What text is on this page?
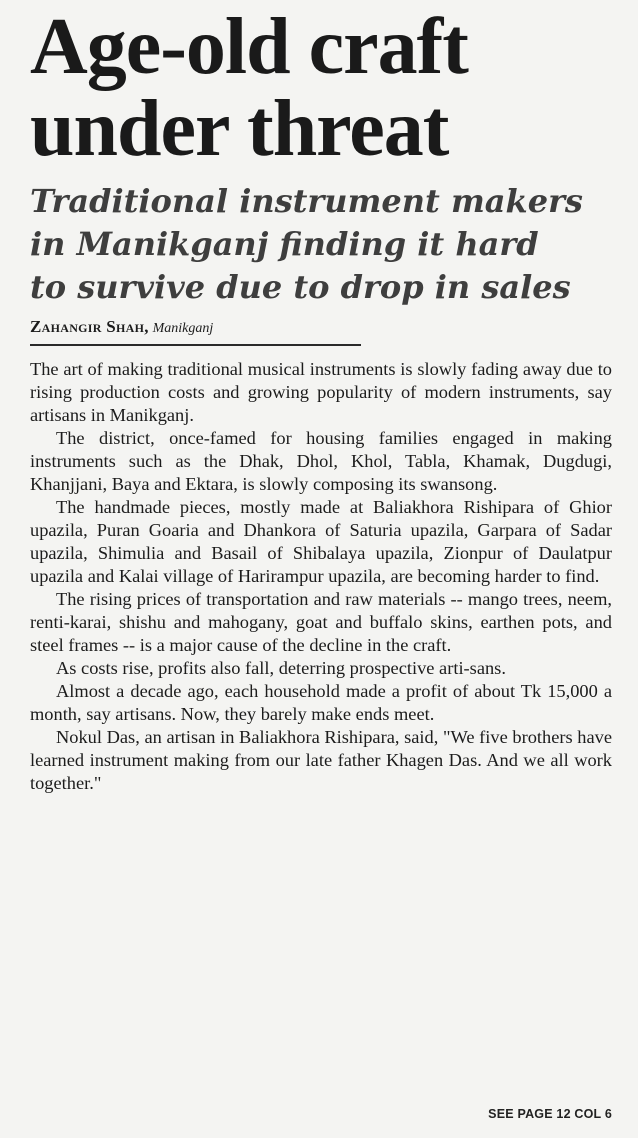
Age-old craft
under threat
Traditional instrument makers
in Manikganj finding it hard
to survive due to drop in sales
Zahangir Shah, Manikganj

The art of making traditional musical instruments is slowly fading away due to rising production costs and growing popularity of modern instruments, say artisans in Manikganj.

The district, once-famed for housing families engaged in making instruments such as the Dhak, Dhol, Khol, Tabla, Khamak, Dugdugi, Khanjjani, Baya and Ektara, is slowly composing its swansong.

The handmade pieces, mostly made at Baliakhora Rishipara of Ghior upazila, Puran Goaria and Dhankora of Saturia upazila, Garpara of Sadar upazila, Shimulia and Basail of Shibalaya upazila, Zionpur of Daulatpur upazila and Kalai village of Harirampur upazila, are becoming harder to find.

The rising prices of transportation and raw materials -- mango trees, neem, renti-karai, shishu and mahogany, goat and buffalo skins, earthen pots, and steel frames -- is a major cause of the decline in the craft.

As costs rise, profits also fall, deterring prospective arti-sans.

Almost a decade ago, each household made a profit of about Tk 15,000 a month, say artisans. Now, they barely make ends meet.

Nokul Das, an artisan in Baliakhora Rishipara, said, "We five brothers have learned instrument making from our late father Khagen Das. And we all work together."

SEE PAGE 12 COL 6
